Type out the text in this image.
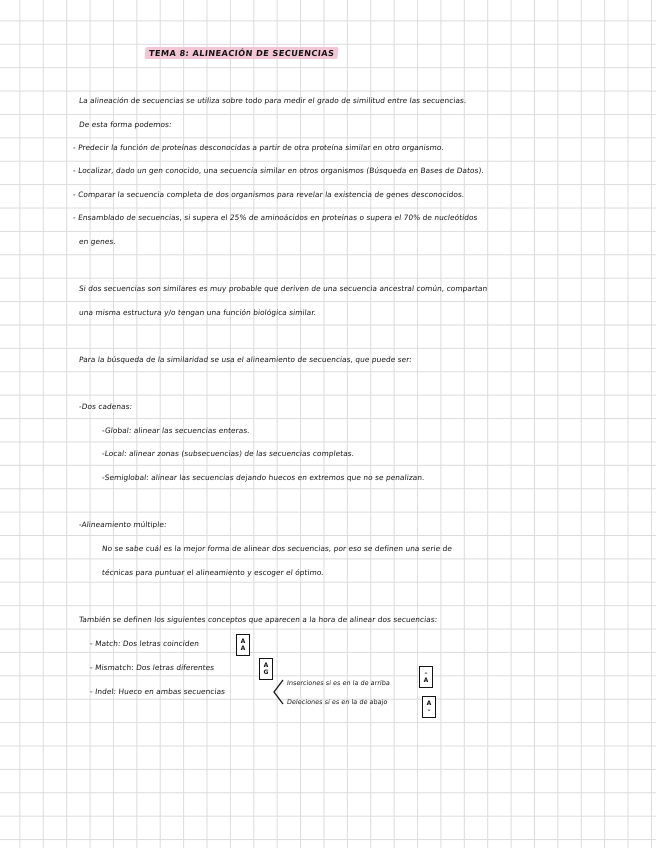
TEMA 8: ALINEACIÓN DE SECUENCIAS
La alineación de secuencias se utiliza sobre todo para medir el grado de similitud entre las secuencias.
De esta forma podemos:
- Predecir la función de proteínas desconocidas a partir de otra proteína similar en otro organismo.
- Localizar, dado un gen conocido, una secuencia similar en otros organismos (Búsqueda en Bases de Datos).
- Comparar la secuencia completa de dos organismos para revelar la existencia de genes desconocidos.
- Ensamblado de secuencias, si supera el 25% de aminoácidos en proteínas o supera el 70% de nucleótidos
en genes.
Si dos secuencias son similares es muy probable que deriven de una secuencia ancestral común, compartan
una misma estructura y/o tengan una función biológica similar.
Para la búsqueda de la similaridad se usa el alineamiento de secuencias, que puede ser:
-Dos cadenas:
-Global: alinear las secuencias enteras.
-Local: alinear zonas (subsecuencias) de las secuencias completas.
-Semiglobal: alinear las secuencias dejando huecos en extremos que no se penalizan.
-Alineamiento múltiple:
No se sabe cuál es la mejor forma de alinear dos secuencias, por eso se definen una serie de
técnicas para puntuar el alineamiento y escoger el óptimo.
También se definen los siguientes conceptos que aparecen a la hora de alinear dos secuencias:
- Match: Dos letras coinciden	A
A
- Mismatch: Dos letras diferentes	A
G
- Indel: Hueco en ambas secuencias
Inserciones si es en la de arriba
–
A
Deleciones si es en la de abajo	A
–
